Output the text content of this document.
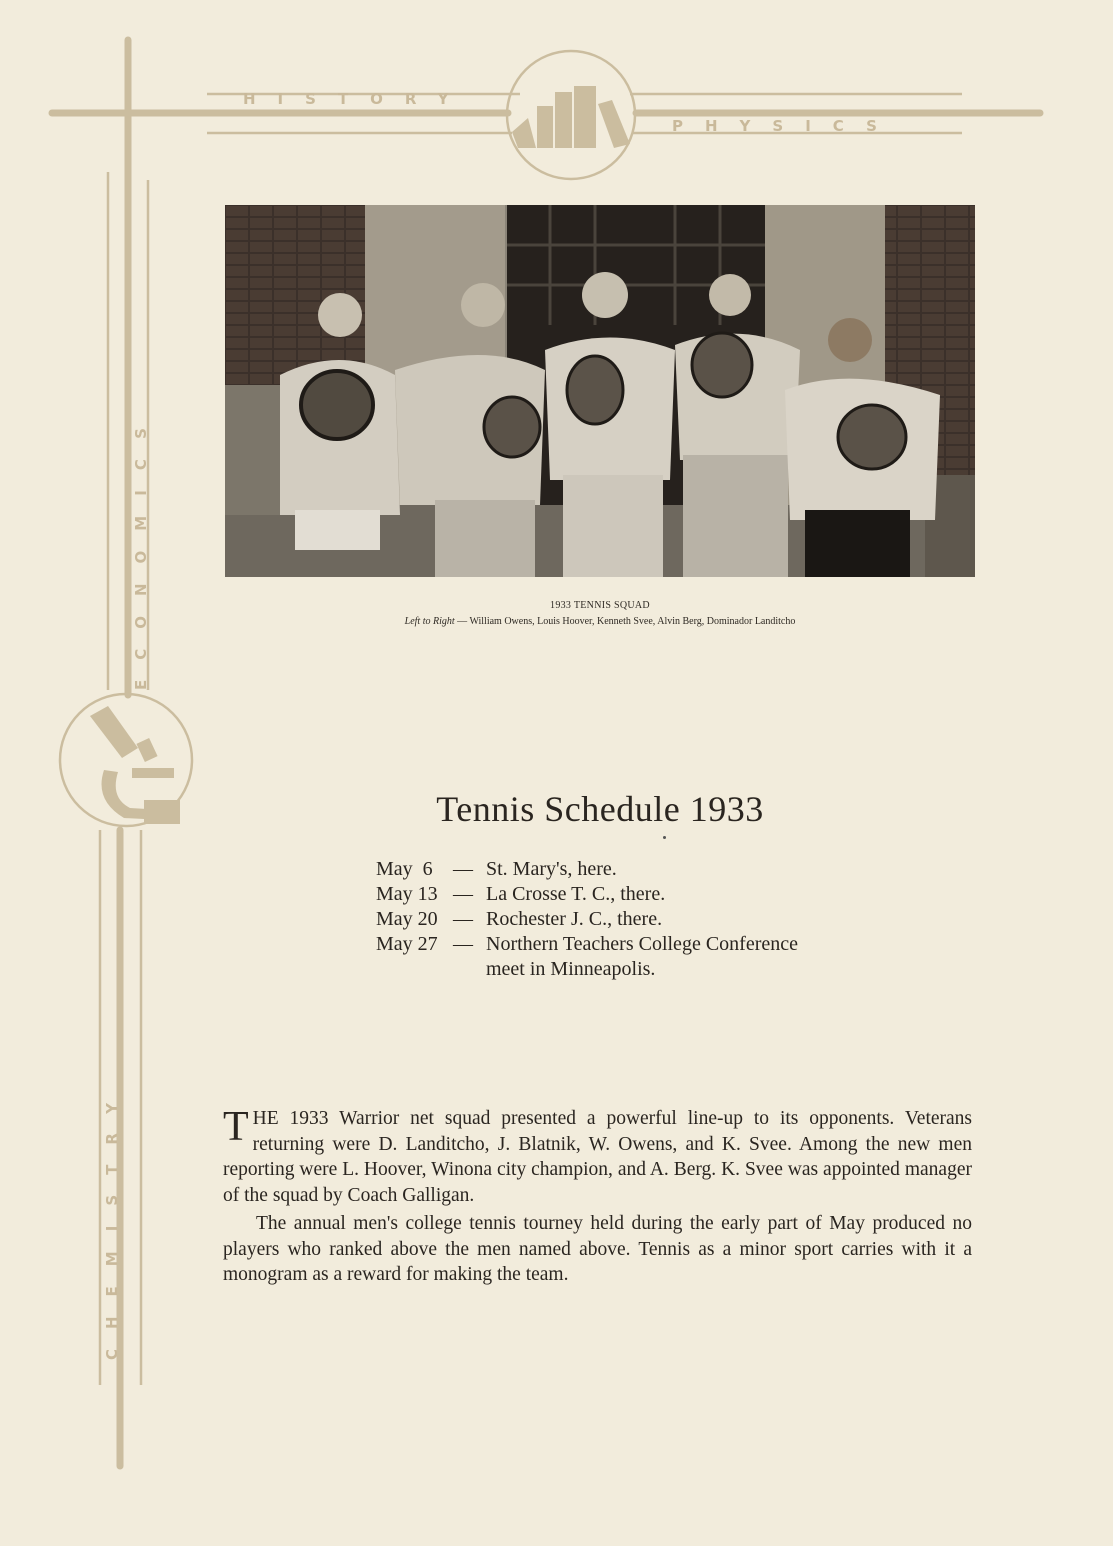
HISTORY
PHYSICS
ECONOMICS
CHEMISTRY
1933 TENNIS SQUAD
Left to Right — William Owens, Louis Hoover, Kenneth Svee, Alvin Berg, Dominador Landitcho
Tennis Schedule 1933
May  6	— St. Mary's, here.
May 13 — La Crosse T. C., there.
May 20 — Rochester J. C., there.
May 27 — Northern Teachers College Conference
meet in Minneapolis.

THE 1933 Warrior net squad presented a powerful line-up to its opponents. Veterans returning were D. Landitcho, J. Blatnik, W. Owens, and K. Svee. Among the new men reporting were L. Hoover, Winona city champion, and A. Berg. K. Svee was appointed manager of the squad by Coach Galligan.

The annual men's college tennis tourney held during the early part of May produced no players who ranked above the men named above. Tennis as a minor sport carries with it a monogram as a reward for making the team.
